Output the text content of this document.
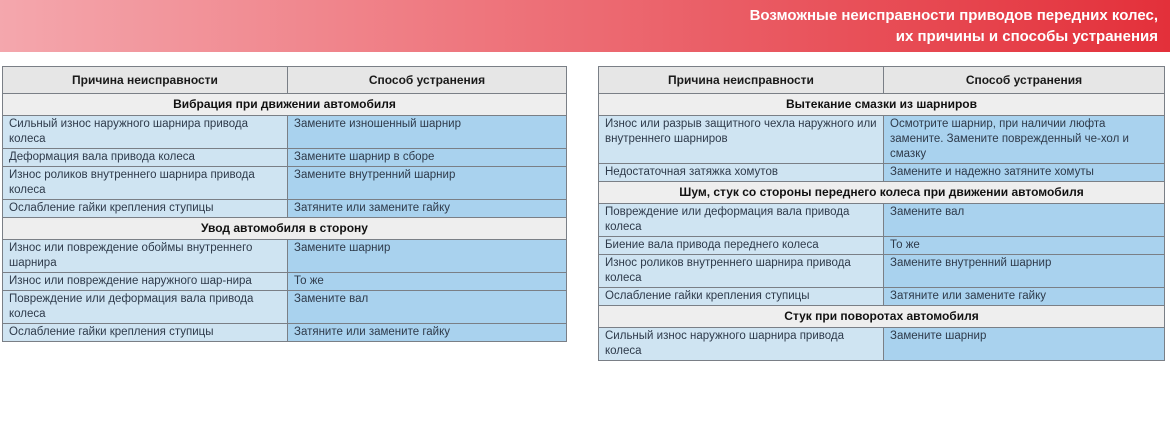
Возможные неисправности приводов передних колес,
их причины и способы устранения
Причина неисправности	Способ устранения
Вибрация при движении автомобиля	
Сильный износ наружного шарнира привода колеса	Замените изношенный шарнир
Деформация вала привода колеса	Замените шарнир в сборе
Износ роликов внутреннего шарнира привода колеса	Замените внутренний шарнир
Ослабление гайки крепления ступицы	Затяните или замените гайку
Увод автомобиля в сторону	
Износ или повреждение обоймы внутреннего шарнира	Замените шарнир
Износ или повреждение наружного шар-нира	То же
Повреждение или деформация вала привода колеса	Замените вал
Ослабление гайки крепления ступицы	Затяните или замените гайку
Причина неисправности	Способ устранения
Вытекание смазки из шарниров	
Износ или разрыв защитного чехла наружного или внутреннего шарниров	Осмотрите шарнир, при наличии люфта замените. Замените поврежденный че-хол и смазку
Недостаточная затяжка хомутов	Замените и надежно затяните хомуты
Шум, стук со стороны переднего колеса при движении автомобиля	
Повреждение или деформация вала привода колеса	Замените вал
Биение вала привода переднего колеса	То же
Износ роликов внутреннего шарнира привода колеса	Замените внутренний шарнир
Ослабление гайки крепления ступицы	Затяните или замените гайку
Стук при поворотах автомобиля	
Сильный износ наружного шарнира привода колеса	Замените шарнир
